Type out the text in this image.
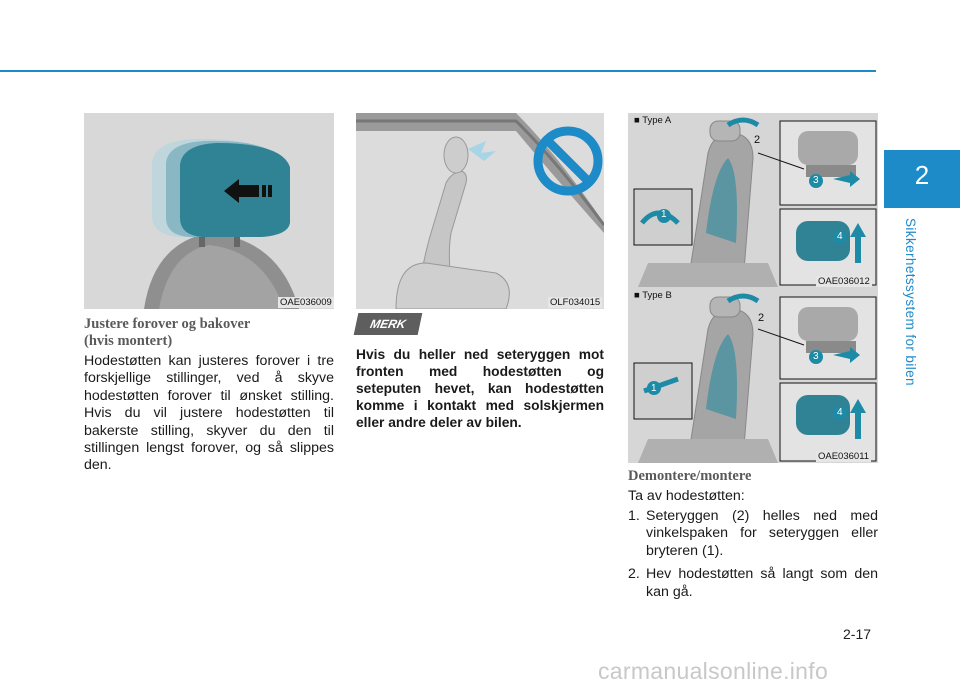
2
Sikkerhetssystem for bilen
OAE036009	OLF034015
■ Type A
2
1
3
4
OAE036012
■ Type B
2
1
3
4
OAE036011
Justere forover og bakover
(hvis montert)

Hodestøtten kan justeres forover i tre forskjellige stillinger, ved å skyve hodestøtten forover til ønsket stilling. Hvis du vil justere hodestøtten til bakerste stilling, skyver du den til stillingen lengst forover, og så slippes den.

MERK

Hvis du heller ned seteryggen mot fronten med hodestøtten og seteputen hevet, kan hodestøtten komme i kontakt med solskjermen eller andre deler av bilen.

Demontere/montere

Ta av hodestøtten:

1. Seteryggen (2) helles ned med vinkelspaken for seteryggen eller bryteren (1).
2. Hev hodestøtten så langt som den kan gå.
2-17
carmanualsonline.info
